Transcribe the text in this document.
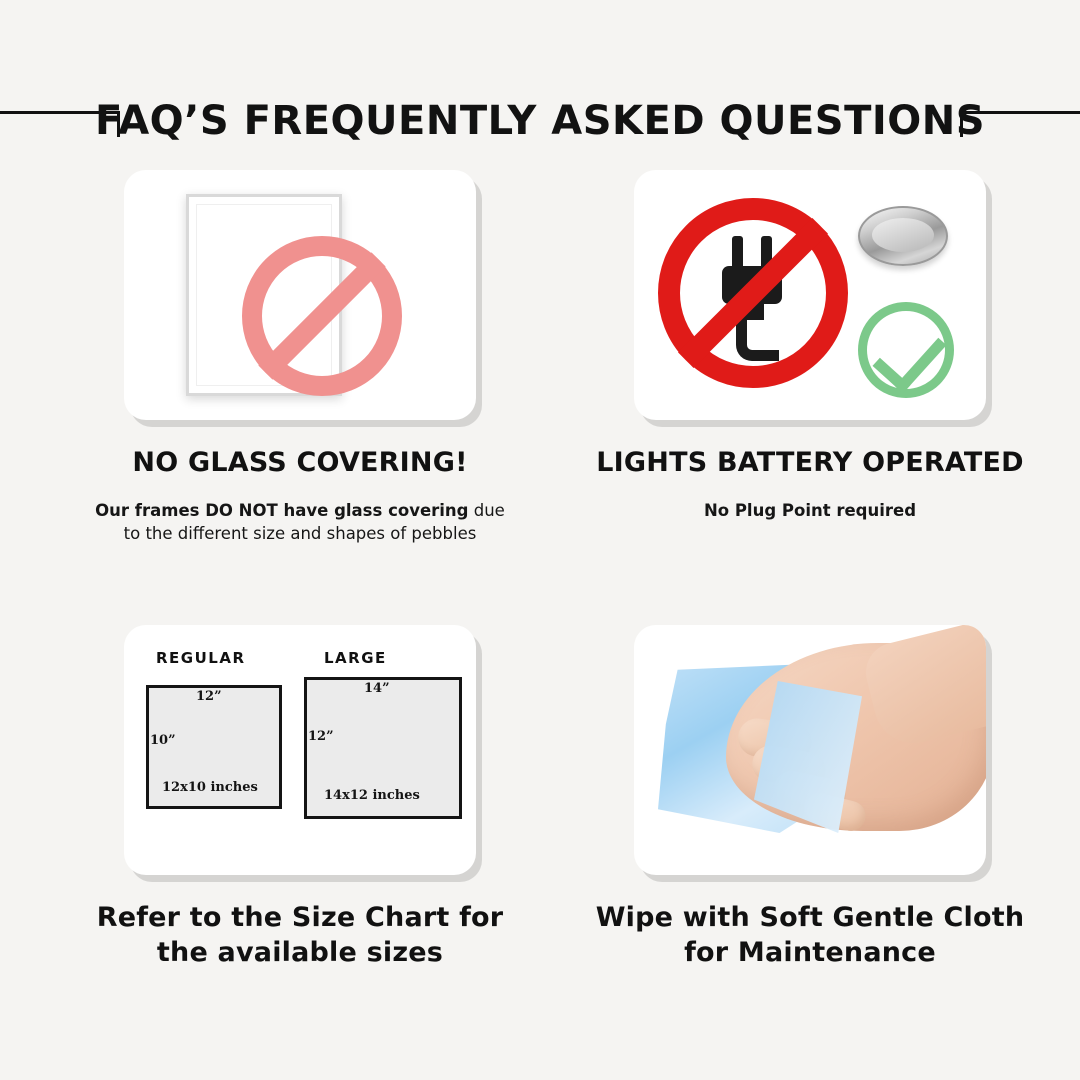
FAQ’S FREQUENTLY ASKED QUESTIONS
NO GLASS COVERING!
Our frames DO NOT have glass covering due to the different size and shapes of pebbles
LIGHTS BATTERY OPERATED
No Plug Point required
REGULAR	LARGE
12”
10”
12x10 inches
14”
12”
14x12 inches
Refer to the Size Chart for the available sizes
Wipe with Soft Gentle Cloth for Maintenance
